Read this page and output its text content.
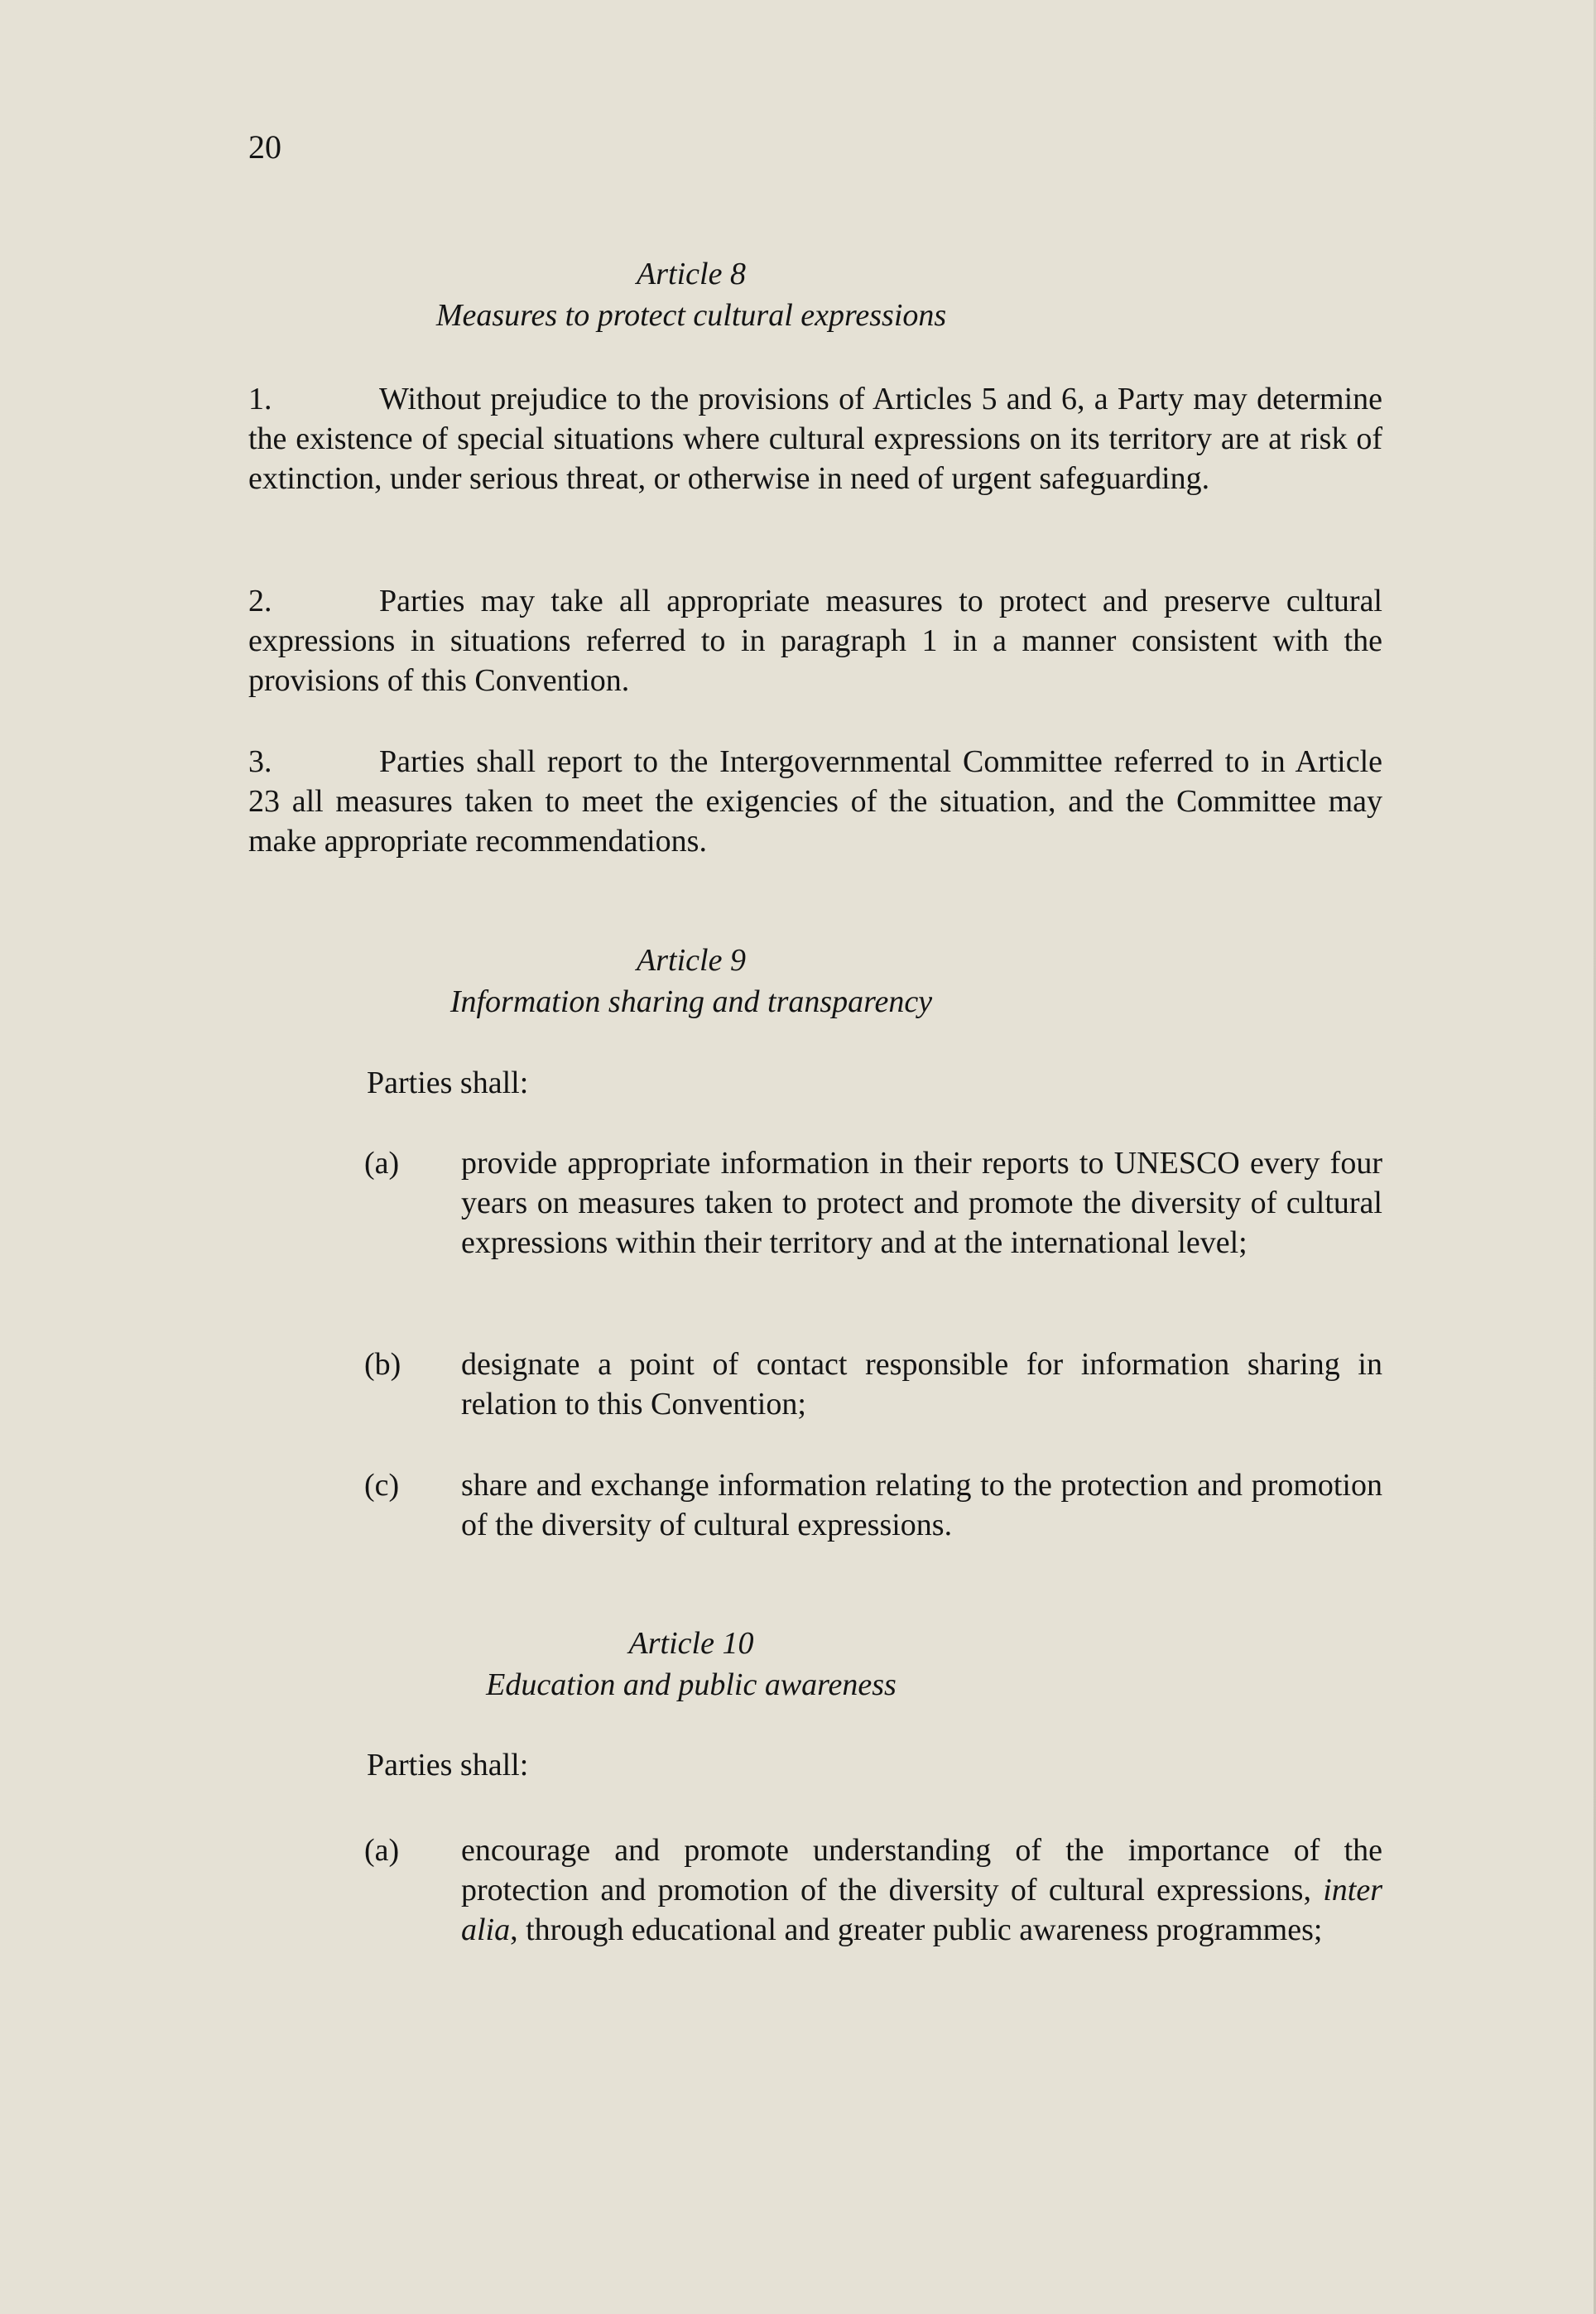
20
Article 8
Measures to protect cultural expressions
1.	Without prejudice to the provisions of Articles 5 and 6, a Party may determine the existence of special situations where cultural expressions on its territory are at risk of extinction, under serious threat, or otherwise in need of urgent safeguarding.
2.	Parties may take all appropriate measures to protect and preserve cultural expressions in situations referred to in paragraph 1 in a manner consistent with the provisions of this Convention.
3.	Parties shall report to the Intergovernmental Committee referred to in Article 23 all measures taken to meet the exigencies of the situation, and the Committee may make appropriate recommendations.
Article 9
Information sharing and transparency
Parties shall:
(a) provide appropriate information in their reports to UNESCO every four years on measures taken to protect and promote the diversity of cultural expressions within their territory and at the international level;
(b) designate a point of contact responsible for information sharing in relation to this Convention;
(c) share and exchange information relating to the protection and promotion of the diversity of cultural expressions.
Article 10
Education and public awareness
Parties shall:
(a) encourage and promote understanding of the importance of the protection and promotion of the diversity of cultural expressions, inter alia, through educational and greater public awareness programmes;
